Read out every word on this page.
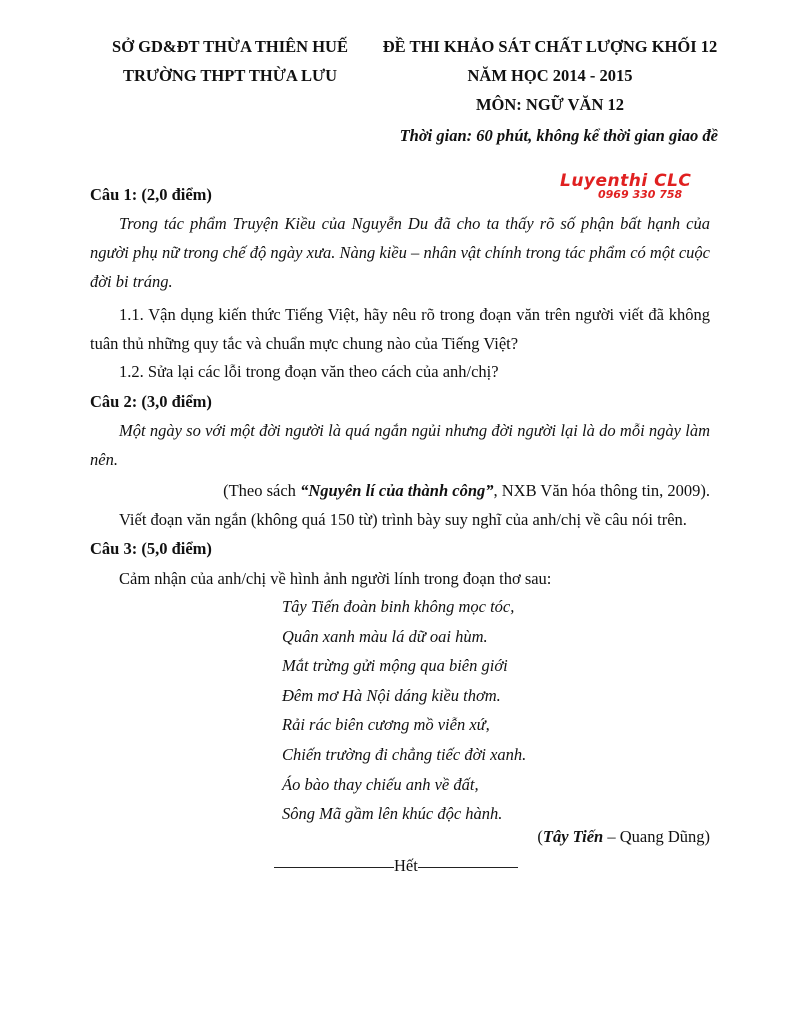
SỞ GD&ĐT THỪA THIÊN HUẾ
TRƯỜNG THPT THỪA LƯU
ĐỀ THI KHẢO SÁT CHẤT LƯỢNG KHỐI 12
NĂM HỌC 2014 - 2015
MÔN: NGỮ VĂN 12
Thời gian: 60 phút, không kể thời gian giao đề
Luyenthi CLC
0969 330 758
Câu 1: (2,0 điểm)
Trong tác phẩm Truyện Kiều của Nguyễn Du đã cho ta thấy rõ số phận bất hạnh của người phụ nữ trong chế độ ngày xưa. Nàng kiều – nhân vật chính trong tác phẩm có một cuộc đời bi tráng.
1.1. Vận dụng kiến thức Tiếng Việt, hãy nêu rõ trong đoạn văn trên người viết đã không tuân thủ những quy tắc và chuẩn mực chung nào của Tiếng Việt?
1.2. Sửa lại các lỗi trong đoạn văn theo cách của anh/chị?
Câu 2: (3,0 điểm)
Một ngày so với một đời người là quá ngắn ngủi nhưng đời người lại là do mỗi ngày làm nên.
(Theo sách “Nguyên lí của thành công”, NXB Văn hóa thông tin, 2009).
Viết đoạn văn ngắn (không quá 150 từ) trình bày suy nghĩ của anh/chị về câu nói trên.
Câu 3: (5,0 điểm)
Cảm nhận của anh/chị về hình ảnh người lính trong đoạn thơ sau:
Tây Tiến đoàn binh không mọc tóc,
Quân xanh màu lá dữ oai hùm.
Mắt trừng gửi mộng qua biên giới
Đêm mơ Hà Nội dáng kiều thơm.
Rải rác biên cương mồ viễn xứ,
Chiến trường đi chẳng tiếc đời xanh.
Áo bào thay chiếu anh về đất,
Sông Mã gầm lên khúc độc hành.
(Tây Tiến – Quang Dũng)
Hết
